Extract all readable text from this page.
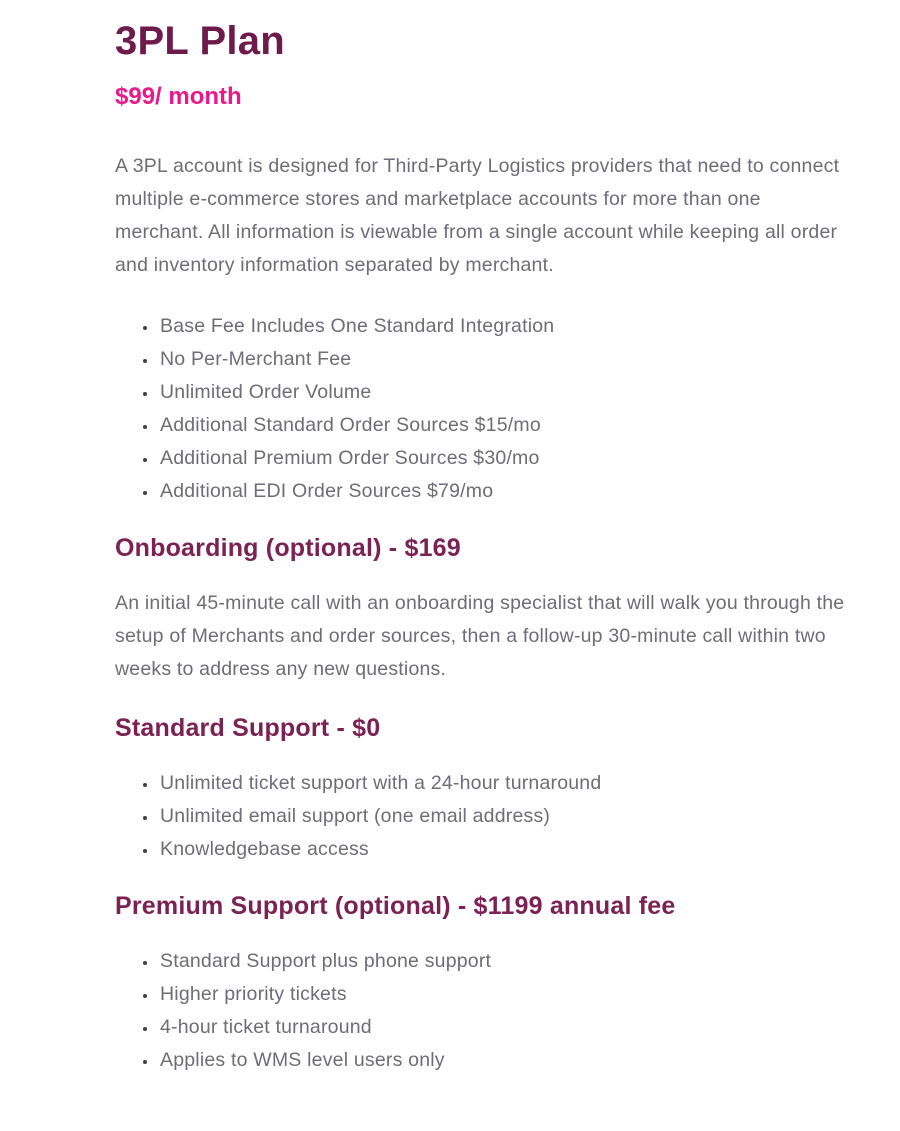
3PL Plan
$99/ month

A 3PL account is designed for Third-Party Logistics providers that need to connect multiple e-commerce stores and marketplace accounts for more than one merchant. All information is viewable from a single account while keeping all order and inventory information separated by merchant.

• Base Fee Includes One Standard Integration
• No Per-Merchant Fee
• Unlimited Order Volume
• Additional Standard Order Sources $15/mo
• Additional Premium Order Sources $30/mo
• Additional EDI Order Sources $79/mo
Onboarding (optional) - $169

An initial 45-minute call with an onboarding specialist that will walk you through the setup of Merchants and order sources, then a follow-up 30-minute call within two weeks to address any new questions.

Standard Support - $0
• Unlimited ticket support with a 24-hour turnaround
• Unlimited email support (one email address)
• Knowledgebase access
Premium Support (optional) - $1199 annual fee
• Standard Support plus phone support
• Higher priority tickets
• 4-hour ticket turnaround
• Applies to WMS level users only
